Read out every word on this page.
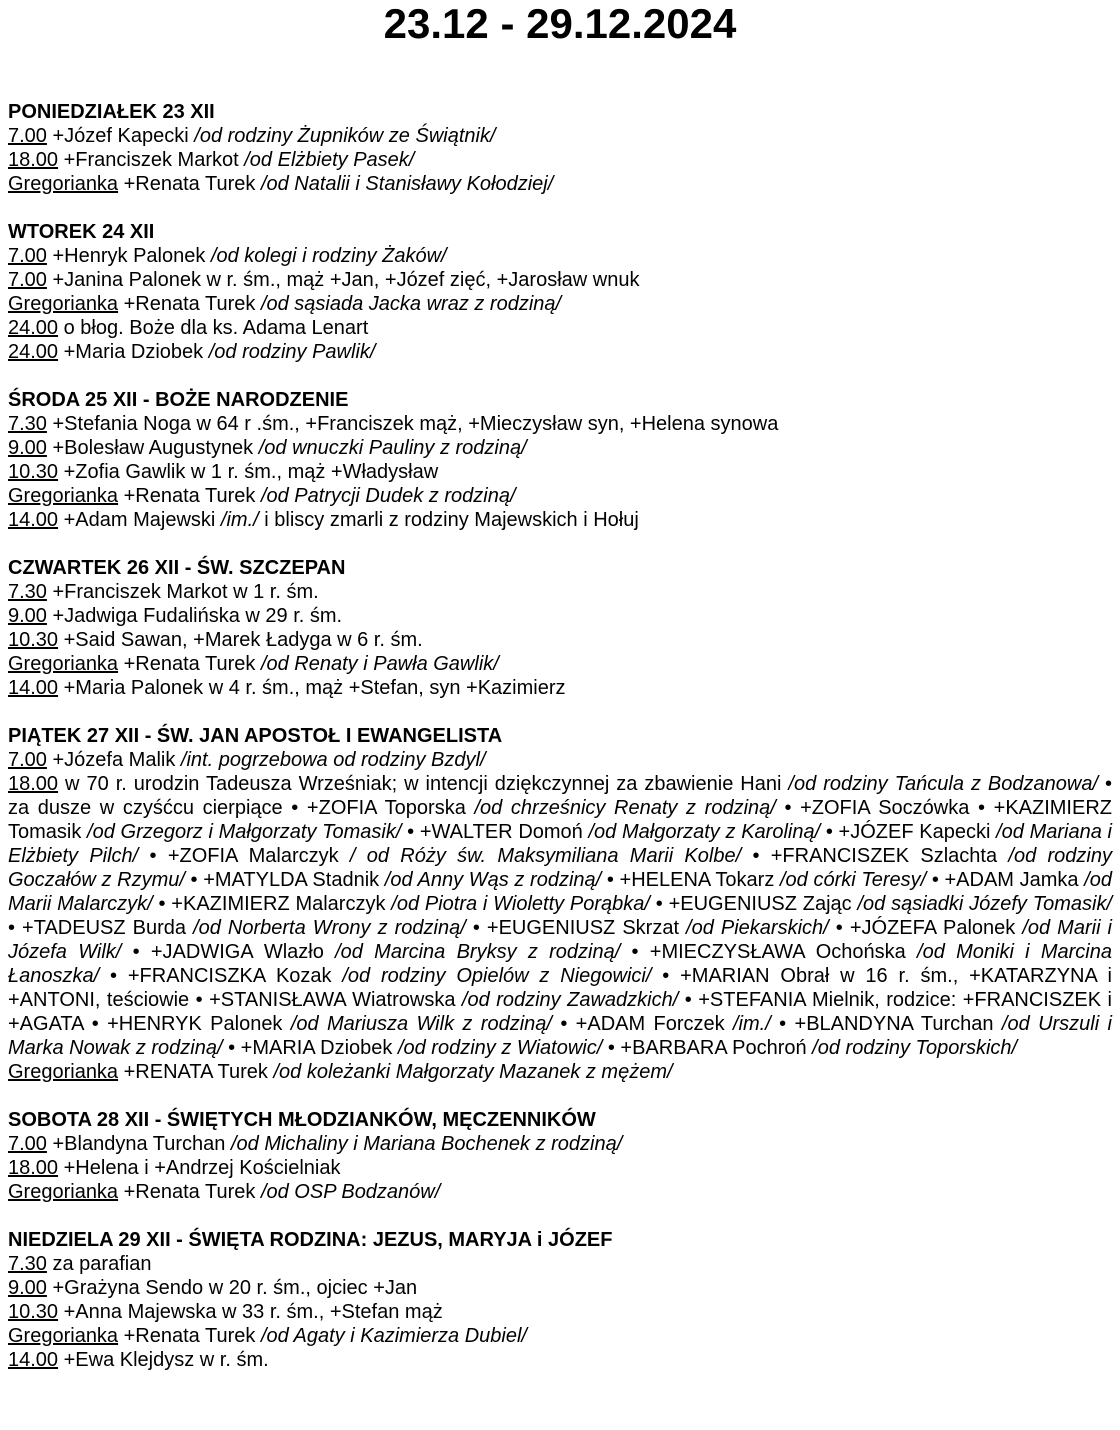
23.12 - 29.12.2024
PONIEDZIAŁEK 23 XII
7.00 +Józef Kapecki /od rodziny Żupników ze Świątnik/
18.00 +Franciszek Markot /od Elżbiety Pasek/
Gregorianka +Renata Turek /od Natalii i Stanisławy Kołodziej/
WTOREK 24 XII
7.00 +Henryk Palonek /od kolegi i rodziny Żaków/
7.00 +Janina Palonek w r. śm., mąż +Jan, +Józef zięć, +Jarosław wnuk
Gregorianka +Renata Turek /od sąsiada Jacka wraz z rodziną/
24.00 o błog. Boże dla ks. Adama Lenart
24.00 +Maria Dziobek /od rodziny Pawlik/
ŚRODA 25 XII - BOŻE NARODZENIE
7.30 +Stefania Noga w 64 r .śm., +Franciszek mąż, +Mieczysław syn, +Helena synowa
9.00 +Bolesław Augustynek /od wnuczki Pauliny z rodziną/
10.30 +Zofia Gawlik w 1 r. śm., mąż +Władysław
Gregorianka +Renata Turek /od Patrycji Dudek z rodziną/
14.00 +Adam Majewski /im./ i bliscy zmarli z rodziny Majewskich i Hołuj
CZWARTEK 26 XII - ŚW. SZCZEPAN
7.30 +Franciszek Markot w 1 r. śm.
9.00 +Jadwiga Fudalińska w 29 r. śm.
10.30 +Said Sawan, +Marek Ładyga w 6 r. śm.
Gregorianka +Renata Turek /od Renaty i Pawła Gawlik/
14.00 +Maria Palonek w 4 r. śm., mąż +Stefan, syn +Kazimierz
PIĄTEK 27 XII - ŚW. JAN APOSTOŁ I EWANGELISTA
7.00 +Józefa Malik /int. pogrzebowa od rodziny Bzdyl/
18.00 w 70 r. urodzin Tadeusza Wrześniak; w intencji dziękczynnej za zbawienie Hani /od rodziny Tańcula z Bodzanowa/ • za dusze w czyśćcu cierpiące • +ZOFIA Toporska /od chrześnicy Renaty z rodziną/ • +ZOFIA Soczówka • +KAZIMIERZ Tomasik /od Grzegorz i Małgorzaty Tomasik/ • +WALTER Domoń /od Małgorzaty z Karoliną/ • +JÓZEF Kapecki /od Mariana i Elżbiety Pilch/ • +ZOFIA Malarczyk / od Róży św. Maksymiliana Marii Kolbe/ • +FRANCISZEK Szlachta /od rodziny Goczałów z Rzymu/ • +MATYLDA Stadnik /od Anny Wąs z rodziną/ • +HELENA Tokarz /od córki Teresy/ • +ADAM Jamka /od Marii Malarczyk/ • +KAZIMIERZ Malarczyk /od Piotra i Wioletty Porąbka/ • +EUGENIUSZ Zając /od sąsiadki Józefy Tomasik/ • +TADEUSZ Burda /od Norberta Wrony z rodziną/ • +EUGENIUSZ Skrzat /od Piekarskich/ • +JÓZEFA Palonek /od Marii i Józefa Wilk/ • +JADWIGA Wlazło /od Marcina Bryksy z rodziną/ • +MIECZYSŁAWA Ochońska /od Moniki i Marcina Łanoszka/ • +FRANCISZKA Kozak /od rodziny Opielów z Niegowici/ • +MARIAN Obrał w 16 r. śm., +KATARZYNA i +ANTONI, teściowie • +STANISŁAWA Wiatrowska /od rodziny Zawadzkich/ • +STEFANIA Mielnik, rodzice: +FRANCISZEK i +AGATA • +HENRYK Palonek /od Mariusza Wilk z rodziną/ • +ADAM Forczek /im./ • +BLANDYNA Turchan /od Urszuli i Marka Nowak z rodziną/ • +MARIA Dziobek /od rodziny z Wiatowic/ • +BARBARA Pochroń /od rodziny Toporskich/
Gregorianka +RENATA Turek /od koleżanki Małgorzaty Mazanek z mężem/
SOBOTA 28 XII - ŚWIĘTYCH MŁODZIANKÓW, MĘCZENNIKÓW
7.00 +Blandyna Turchan /od Michaliny i Mariana Bochenek z rodziną/
18.00 +Helena i +Andrzej Kościelniak
Gregorianka +Renata Turek /od OSP Bodzanów/
NIEDZIELA 29 XII - ŚWIĘTA RODZINA: JEZUS, MARYJA i JÓZEF
7.30 za parafian
9.00 +Grażyna Sendo w 20 r. śm., ojciec +Jan
10.30 +Anna Majewska w 33 r. śm., +Stefan mąż
Gregorianka +Renata Turek /od Agaty i Kazimierza Dubiel/
14.00 +Ewa Klejdysz w r. śm.
